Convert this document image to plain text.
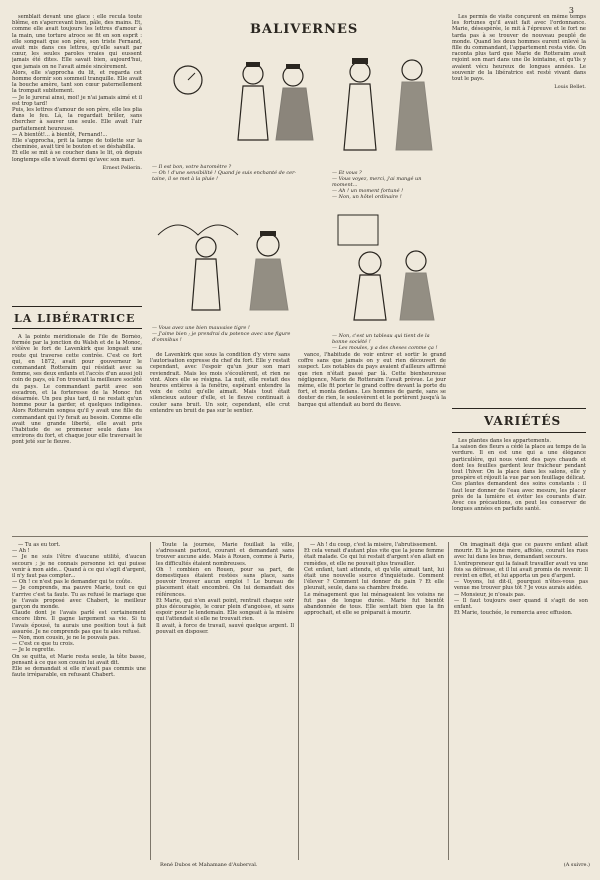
3

semblait devant une glace : elle recula toute blême, en s'apercevant bien, pâle, des mains. Et, comme elle avait toujours les lettres d'amour à la main, une torture atroce se fit en son esprit : elle songeait que son père, son triste Fernand, avait mis dans ces lettres, qu'elle savait par cœur, les seules paroles vraies qui eussent jamais été dites. Elle savait bien, aujourd'hui, que jamais on ne l'avait aimée sincèrement.
Alors, elle s'approcha du lit, et regarda cet homme dormir son sommeil tranquille. Elle avait la bouche amère, tant son cœur paternellement la trompait subitement.
— Je le jurerai ainsi, moi! je n'ai jamais aimé et il est trop tard!
Puis, les lettres d'amour de son père, elle les plia dans le feu. Là, la regardait brûler, sans chercher à sauver une seule. Elle avait l'air parfaitement heureuse.
— A bientôt!... à bientôt, Fernand!...
Elle s'approcha, prit la lampe de toilette sur la cheminée, avait tiré le bouton et se déshabilla.
Et elle se mit à se coucher dans le lit, où depuis longtemps elle n'avait dormi qu'avec son mari.

Ernest Pellerin.
BALIVERNES
— Il est bon, votre baromètre ?
— Oh ! d'une sensibilité ! Quand je suis enchanté de cer-
taine, il se met à la pluie !
— Et vous ?
— Vous voyez, merci, j'ai mangé un moment...
— Ah ! un moment fortuné !
— Non, un hôtel ordinaire !
— Vous avez une bien mauvaise tigre !
— J'aime bien ; je prendrai du potence avec une figure
d'omnibus !
— Non, c'est un tableau qui tient de la bonne société !
— Les moules, y a des cheses comme ça !

Les permis de visite conçurent en même temps les fortunes qu'il avait fait avec l'ordonnance. Marie, désespérée, le mit à l'épreuve et le fort ne tarda pas à se trouver de nouveau peuplé de monde. Quand les deux hommes eurent enlevé la fille du commandant, l'appartement resta vide. On raconta plus tard que Marie de Rotteraim avait rejoint son mari dans une île lointaine, et qu'ils y avaient vécu heureux de longues années. Le souvenir de la libératrice est resté vivant dans tout le pays.

Louis Bellet.
LA LIBÉRATRICE

A la pointe méridionale de l'île de Bornéo, formée par la jonction du Walsh et de la Monoc, s'élève le fort de Lavenkirk que longeait une route qui traverse cette contrée. C'est ce fort qui, en 1872, avait pour gouverneur le commandant Rotteraim qui résidait avec sa femme, ses deux enfants et l'accès d'un aussi joli coin de pays, où l'on trouvait la meilleure société du pays. Le commandant partit avec son escadron, et la forteresse de la Monoc fut désarmée. Un peu plus tard, il ne restait qu'un homme pour la garder, et quelques indigènes. Alors Rotteraim songea qu'il y avait une fille du commandant qui l'y ferait au besoin. Comme elle avait une grande liberté, elle avait pris l'habitude de se promener seule dans les environs du fort, et chaque jour elle traversait le pont jeté sur le fleuve.

de Lavenkirk que sous la condition d'y vivre sans l'autorisation expresse du chef du fort. Elle y restait cependant, avec l'espoir qu'un jour son mari reviendrait. Mais les mois s'écoulèrent, et rien ne vint. Alors elle se résigna. La nuit, elle restait des heures entières à la fenêtre, espérant entendre la voix de celui qu'elle aimait. Mais tout était silencieux autour d'elle, et le fleuve continuait à couler sans bruit. Un soir, cependant, elle crut entendre un bruit de pas sur le sentier.

vance, l'habitude de voir entrer et sortir le grand coffre sans que jamais on y eut rien découvert de suspect. Les notables du pays avaient d'ailleurs affirmé que rien n'était passé par là. Cette bienheureuse négligence, Marie de Rotteraim l'avait prévue. Le jour même, elle fit porter le grand coffre devant la porte du fort, et monta dedans. Les hommes de garde, sans se douter de rien, le soulevèrent et le portèrent jusqu'à la barque qui attendait au bord du fleuve.

VARIÉTÉS

Les plantes dans les appartements.
La saison des fleurs a cédé la place au temps de la verdure. Il en est une qui a une élégance particulière, qui nous vient des pays chauds et dont les feuilles gardent leur fraîcheur pendant tout l'hiver. On la place dans les salons, elle y prospère et réjouit la vue par son feuillage délicat.
Ces plantes demandent des soins constants : il faut leur donner de l'eau avec mesure, les placer près de la lumière et éviter les courants d'air. Avec ces précautions, on peut les conserver de longues années en parfaite santé.

— Tu as eu tort.
— Ah !
— Je ne suis l'être d'aucune utilité, d'aucun secours ; je ne connais personne ici qui puisse venir à mon aide... Quand à ce qui s'agit d'argent, il n'y faut pas compter...
— Oh ! ce n'est pas le demander qui te coûte.
— Je comprends, ma pauvre Marie, tout ce qui t'arrive c'est ta faute. Tu as refusé le mariage que je t'avais proposé avec Chabert, le meilleur garçon du monde.
Claude dont je l'avais parlé est certainement encore libre. Il gagne largement sa vie. Si tu l'avais épousé, tu aurais une position tout à fait assurée. Je ne comprends pas que tu aies refusé.
— Non, mon cousin, je ne le pouvais pas.
— C'est ce que tu crois.
— Je le regrette.
On se quitta, et Marie resta seule, la tête basse, pensant à ce que son cousin lui avait dit.
Elle se demandait si elle n'avait pas commis une faute irréparable, en refusant Chabert.

Toute la journée, Marie fouillait la ville, s'adressant partout, courant et demandant sans trouver aucune aide. Mais à Rouen, comme à Paris, les difficultés étaient nombreuses.
Oh ! combien en Rouen, pour sa part, de domestiques étaient restées sans place, sans pouvoir trouver aucun emploi ! Le bureau de placement était encombré. On lui demandait des références.
Et Marie, qui n'en avait point, rentrait chaque soir plus découragée, le cœur plein d'angoisse, et sans espoir pour le lendemain. Elle songeait à la misère qui l'attendait si elle ne trouvait rien.
Il avait, à force de travail, sauvé quelque argent. Il pouvait en disposer.

— Ah ! du coup, c'est la misère, l'abrutissement.
Et cela venait d'autant plus vite que la jeune femme était malade. Ce qui lui restait d'argent s'en allait en remèdes, et elle ne pouvait plus travailler.
Cet enfant, tant attendu, et qu'elle aimait tant, lui était une nouvelle source d'inquiétude. Comment l'élever ? Comment lui donner du pain ? Et elle pleurait, seule, dans sa chambre froide.
Le ménagement que lui ménageaient les voisins ne fut pas de longue durée. Marie fut bientôt abandonnée de tous. Elle sentait bien que la fin approchait, et elle se préparait à mourir.

On imaginait déjà que ce pauvre enfant allait mourir. Et la jeune mère, affolée, courait les rues avec lui dans les bras, demandant secours.
L'entrepreneur qui la faisait travailler avait vu une fois sa détresse, et il lui avait promis de revenir. Il revint en effet, et lui apporta un peu d'argent.
— Voyons, lui dit-il, pourquoi n'êtes-vous pas venue me trouver plus tôt ? Je vous aurais aidée.
— Monsieur, je n'osais pas.
— Il faut toujours oser quand il s'agit de son enfant.
Et Marie, touchée, le remercia avec effusion.

René Dubos et Mahamane d'Auberval.	(A suivre.)
